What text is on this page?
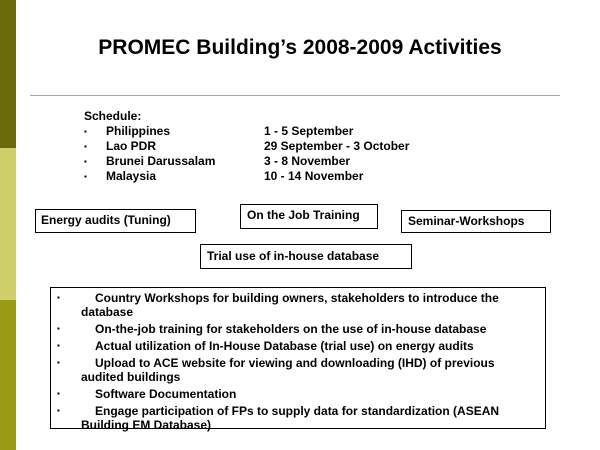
PROMEC Building’s 2008-2009 Activities
Schedule:
▪ Philippines	1 - 5 September
▪ Lao PDR	29 September - 3 October
▪ Brunei Darussalam	3 - 8 November
▪ Malaysia	10 - 14 November
Energy audits (Tuning)	On the Job Training	Seminar-Workshops
Trial use of in-house database
▪	Country Workshops for building owners, stakeholders to introduce the database
▪	On-the-job training for stakeholders on the use of in-house database
▪	Actual utilization of In-House Database (trial use) on energy audits
▪	Upload to ACE website for viewing and downloading (IHD) of previous audited buildings
▪	Software Documentation
▪	Engage participation of FPs to supply data for standardization (ASEAN Building EM Database)
